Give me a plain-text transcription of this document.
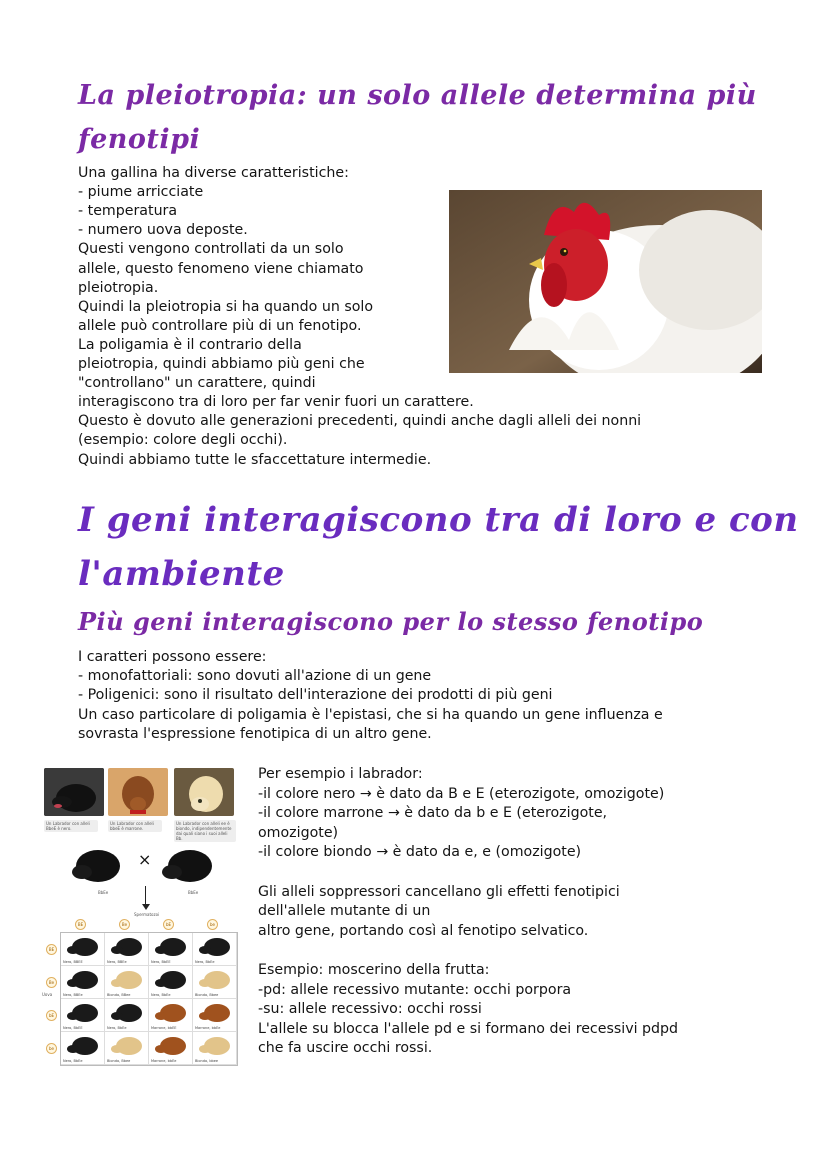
La pleiotropia: un solo allele determina più
fenotipi
Una gallina ha diverse caratteristiche:
- piume arricciate
- temperatura
- numero uova deposte.
Questi vengono controllati da un solo
allele, questo fenomeno viene chiamato
pleiotropia.
Quindi la pleiotropia si ha quando un solo
allele può controllare più di un fenotipo.
La poligamia è il contrario della
pleiotropia, quindi abbiamo più geni che
"controllano" un carattere, quindi
interagiscono tra di loro per far venir fuori un carattere.
Questo è dovuto alle generazioni precedenti, quindi anche dagli alleli dei nonni
(esempio: colore degli occhi).
Quindi abbiamo tutte le sfaccettature intermedie.
I geni interagiscono tra di loro e con
l'ambiente
Più geni interagiscono per lo stesso fenotipo
I caratteri possono essere:
- monofattoriali: sono dovuti all'azione di un gene
- Poligenici: sono il risultato dell'interazione dei prodotti di più geni
Un caso particolare di poligamia è l'epistasi, che si ha quando un gene influenza e
sovrasta l'espressione fenotipica di un altro gene.
Un Labrador con alleli BbeE è nero.
Un Labrador con alleli bbeE è marrone.
Un Labrador con alleli ee è biondo, indipendentemente dai quali siano i suoi alleli Bb.
×
BbEe	BbEe
Spermatozoi
Uova
BE	Be	bE	be
BE
Be
bE
be
Nero, BBEE	Nero, BBEe	Nero, BbEE	Nero, BbEe
Nero, BBEe	Biondo, BBee	Nero, BbEe	Biondo, Bbee
Nero, BbEE	Nero, BbEe	Marrone, bbEE	Marrone, bbEe
Nero, BbEe	Biondo, Bbee	Marrone, bbEe	Biondo, bbee
Per esempio i labrador:
-il colore nero → è dato da B e E (eterozigote, omozigote)
-il colore marrone → è dato da b e E (eterozigote,
omozigote)
-il colore biondo → è dato da e, e (omozigote)
Gli alleli soppressori cancellano gli effetti fenotipici
dell'allele mutante di un
altro gene, portando così al fenotipo selvatico.
Esempio: moscerino della frutta:
-pd: allele recessivo mutante: occhi porpora
-su: allele recessivo: occhi rossi
L'allele su blocca l'allele pd e si formano dei recessivi pdpd
che fa uscire occhi rossi.
